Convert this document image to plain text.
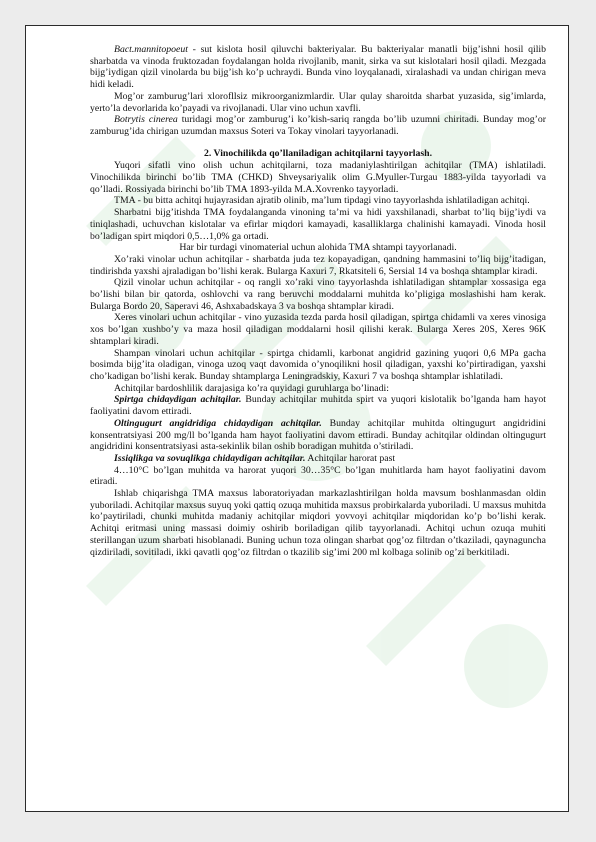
Bact.mannitopoeut - sut kislota hosil qiluvchi bakteriyalar. Bu bakteriyalar manatli bijg’ishni hosil qilib sharbatda va vinoda fruktozadan foydalangan holda rivojlanib, manit, sirka va sut kislotalari hosil qiladi. Mezgada bijg’iydigan qizil vinolarda bu bijg’ish ko’p uchraydi. Bunda vino loyqalanadi, xiralashadi va undan chirigan meva hidi keladi.

Mog’or zamburug’lari xlorofllsiz mikroorganizmlardir. Ular qulay sharoitda sharbat yuzasida, sig’imlarda, yerto’la devorlarida ko’payadi va rivojlanadi. Ular vino uchun xavfli.

Botrytis cinerea turidagi mog’or zamburug’i ko’kish-sariq rangda bo’lib uzumni chiritadi. Bunday mog’or zamburug’ida chirigan uzumdan maxsus Soteri va Tokay vinolari tayyorlanadi.

2. Vinochilikda qo’llaniladigan achitqilarni tayyorlash.

Yuqori sifatli vino olish uchun achitqilarni, toza madaniylashtirilgan achitqilar (TMA) ishlatiladi. Vinochilikda birinchi bo’lib TMA (CHKD) Shveysariyalik olim G.Myuller-Turgau 1883-yilda tayyorladi va qo’lladi. Rossiyada birinchi bo’lib TMA 1893-yilda M.A.Xovrenko tayyorladi.

TMA - bu bitta achitqi hujayrasidan ajratib olinib, ma’lum tipdagi vino tayyorlashda ishlatiladigan achitqi.

Sharbatni bijg’itishda TMA foydalanganda vinoning ta’mi va hidi yaxshilanadi, sharbat to’liq bijg’iydi va tiniqlashadi, uchuvchan kislotalar va efirlar miqdori kamayadi, kasalliklarga chalinishi kamayadi. Vinoda hosil bo’ladigan spirt miqdori 0,5…1,0% ga ortadi.

Har bir turdagi vinomaterial uchun alohida TMA shtampi tayyorlanadi.

Xo’raki vinolar uchun achitqilar - sharbatda juda tez kopayadigan, qandning hammasini to’liq bijg’itadigan, tindirishda yaxshi ajraladigan bo’lishi kerak. Bularga Kaxuri 7, Rkatsiteli 6, Sersial 14 va boshqa shtamplar kiradi.

Qizil vinolar uchun achitqilar - oq rangli xo’raki vino tayyorlashda ishlatiladigan shtamplar xossasiga ega bo’lishi bilan bir qatorda, oshlovchi va rang beruvchi moddalarni muhitda ko’pligiga moslashishi ham kerak. Bularga Bordo 20, Saperavi 46, Ashxabadskaya 3 va boshqa shtamplar kiradi.

Xeres vinolari uchun achitqilar - vino yuzasida tezda parda hosil qiladigan, spirtga chidamli va xeres vinosiga xos bo’lgan xushbo’y va maza hosil qiladigan moddalarni hosil qilishi kerak. Bularga Xeres 20S, Xeres 96K shtamplari kiradi.

Shampan vinolari uchun achitqilar - spirtga chidamli, karbonat angidrid gazining yuqori 0,6 MPa gacha bosimda bijg’ita oladigan, vinoga uzoq vaqt davomida o’ynoqilikni hosil qiladigan, yaxshi ko’pirtiradigan, yaxshi cho’kadigan bo’lishi kerak. Bunday shtamplarga Leningradskiy, Kaxuri 7 va boshqa shtamplar ishlatiladi.

Achitqilar bardoshlilik darajasiga ko’ra quyidagi guruhlarga bo’linadi:

Spirtga chidaydigan achitqilar. Bunday achitqilar muhitda spirt va yuqori kislotalik bo’lganda ham hayot faoliyatini davom ettiradi.

Oltingugurt angidridiga chidaydigan achitqilar. Bunday achitqilar muhitda oltingugurt angidridini konsentratsiyasi 200 mg/ll bo’lganda ham hayot faoliyatini davom ettiradi. Bunday achitqilar oldindan oltingugurt angidridini konsentratsiyasi asta-sekinlik bilan oshib boradigan muhitda o’stiriladi.

Issiqlikga va sovuqlikga chidaydigan achitqilar. Achitqilar harorat past

4…10°C bo’lgan muhitda va harorat yuqori 30…35°C bo’lgan muhitlarda ham hayot faoliyatini davom etiradi.

Ishlab chiqarishga TMA maxsus laboratoriyadan markazlashtirilgan holda mavsum boshlanmasdan oldin yuboriladi. Achitqilar maxsus suyuq yoki qattiq ozuqa muhitida maxsus probirkalarda yuboriladi. U maxsus muhitda ko’paytiriladi, chunki muhitda madaniy achitqilar miqdori yovvoyi achitqilar miqdoridan ko’p bo’lishi kerak. Achitqi eritmasi uning massasi doimiy oshirib boriladigan qilib tayyorlanadi. Achitqi uchun ozuqa muhiti sterillangan uzum sharbati hisoblanadi. Buning uchun toza olingan sharbat qog’oz filtrdan o’tkaziladi, qaynaguncha qizdiriladi, sovitiladi, ikki qavatli qog’oz filtrdan o tkazilib sig’imi 200 ml kolbaga solinib og’zi berkitiladi.
